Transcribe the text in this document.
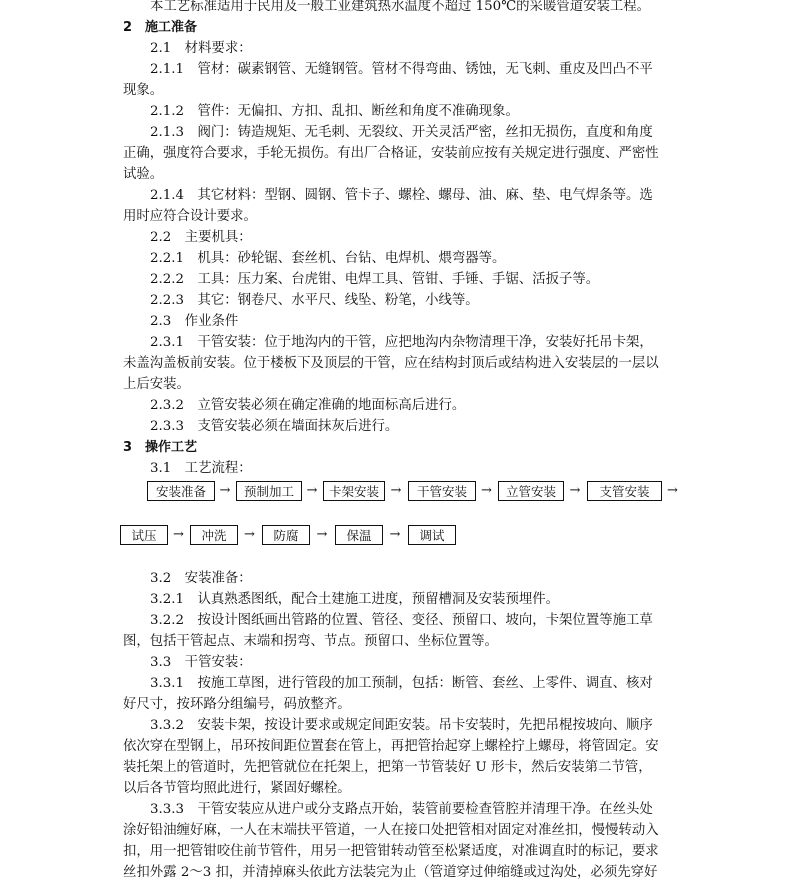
本工艺标准适用于民用及一般工业建筑热水温度不超过 150℃的采暖管道安装工程。
2　施工准备
2.1　材料要求：
2.1.1　管材：碳素钢管、无缝钢管。管材不得弯曲、锈蚀，无飞刺、重皮及凹凸不平
现象。
2.1.2　管件：无偏扣、方扣、乱扣、断丝和角度不准确现象。
2.1.3　阀门：铸造规矩、无毛刺、无裂纹、开关灵活严密，丝扣无损伤，直度和角度
正确，强度符合要求，手轮无损伤。有出厂合格证，安装前应按有关规定进行强度、严密性
试验。
2.1.4　其它材料：型钢、圆钢、管卡子、螺栓、螺母、油、麻、垫、电气焊条等。选
用时应符合设计要求。
2.2　主要机具：
2.2.1　机具：砂轮锯、套丝机、台钻、电焊机、煨弯器等。
2.2.2　工具：压力案、台虎钳、电焊工具、管钳、手锤、手锯、活扳子等。
2.2.3　其它：钢卷尺、水平尺、线坠、粉笔，小线等。
2.3　作业条件
2.3.1　干管安装：位于地沟内的干管，应把地沟内杂物清理干净，安装好托吊卡架，
未盖沟盖板前安装。位于楼板下及顶层的干管，应在结构封顶后或结构进入安装层的一层以
上后安装。
2.3.2　立管安装必须在确定准确的地面标高后进行。
2.3.3　支管安装必须在墙面抹灰后进行。
3　操作工艺
3.1　工艺流程：
3.2　安装准备：
3.2.1　认真熟悉图纸，配合土建施工进度，预留槽洞及安装预埋件。
3.2.2　按设计图纸画出管路的位置、管径、变径、预留口、坡向，卡架位置等施工草
图，包括干管起点、末端和拐弯、节点。预留口、坐标位置等。
3.3　干管安装：
3.3.1　按施工草图，进行管段的加工预制，包括：断管、套丝、上零件、调直、核对
好尺寸，按环路分组编号，码放整齐。
3.3.2　安装卡架，按设计要求或规定间距安装。吊卡安装时，先把吊棍按坡向、顺序
依次穿在型钢上，吊环按间距位置套在管上，再把管抬起穿上螺栓拧上螺母，将管固定。安
装托架上的管道时，先把管就位在托架上，把第一节管装好 U 形卡，然后安装第二节管，
以后各节管均照此进行，紧固好螺栓。
3.3.3　干管安装应从进户或分支路点开始，装管前要检查管腔并清理干净。在丝头处
涂好铅油缠好麻，一人在末端扶平管道，一人在接口处把管相对固定对准丝扣，慢慢转动入
扣，用一把管钳咬住前节管件，用另一把管钳转动管至松紧适度，对准调直时的标记，要求
丝扣外露 2～3 扣，并清掉麻头依此方法装完为止（管道穿过伸缩缝或过沟处，必须先穿好
安装准备	→	预制加工 → 卡架安装 →	干管安装	→	立管安装	→	支管安装	→
试压	→	冲洗	→	防腐	→	保温	→	调试
